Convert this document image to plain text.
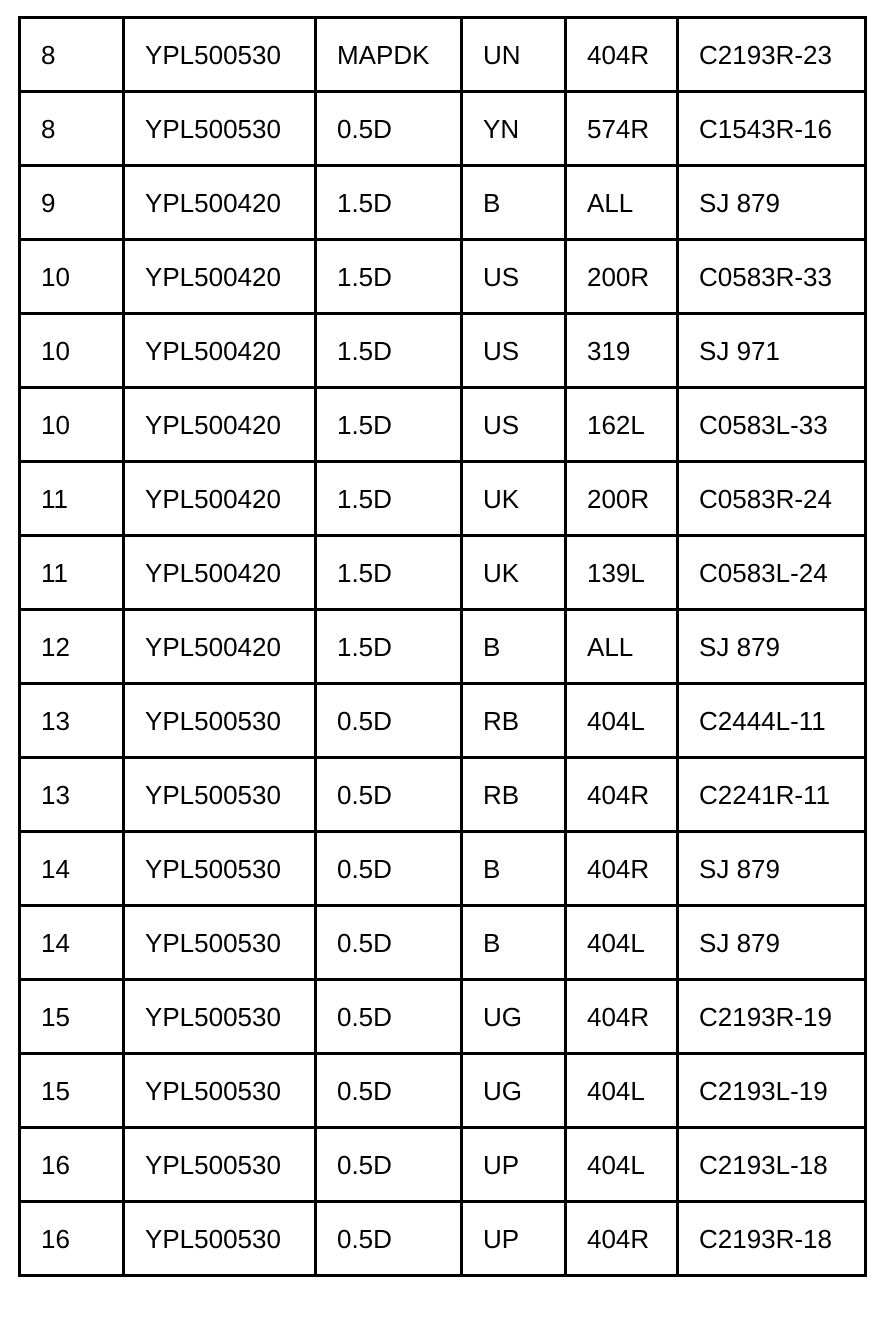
8	YPL500530	MAPDK	UN	404R	C2193R-23
8	YPL500530	0.5D	YN	574R	C1543R-16
9	YPL500420	1.5D	B	ALL	SJ 879
10	YPL500420	1.5D	US	200R	C0583R-33
10	YPL500420	1.5D	US	319	SJ 971
10	YPL500420	1.5D	US	162L	C0583L-33
11	YPL500420	1.5D	UK	200R	C0583R-24
11	YPL500420	1.5D	UK	139L	C0583L-24
12	YPL500420	1.5D	B	ALL	SJ 879
13	YPL500530	0.5D	RB	404L	C2444L-11
13	YPL500530	0.5D	RB	404R	C2241R-11
14	YPL500530	0.5D	B	404R	SJ 879
14	YPL500530	0.5D	B	404L	SJ 879
15	YPL500530	0.5D	UG	404R	C2193R-19
15	YPL500530	0.5D	UG	404L	C2193L-19
16	YPL500530	0.5D	UP	404L	C2193L-18
16	YPL500530	0.5D	UP	404R	C2193R-18
